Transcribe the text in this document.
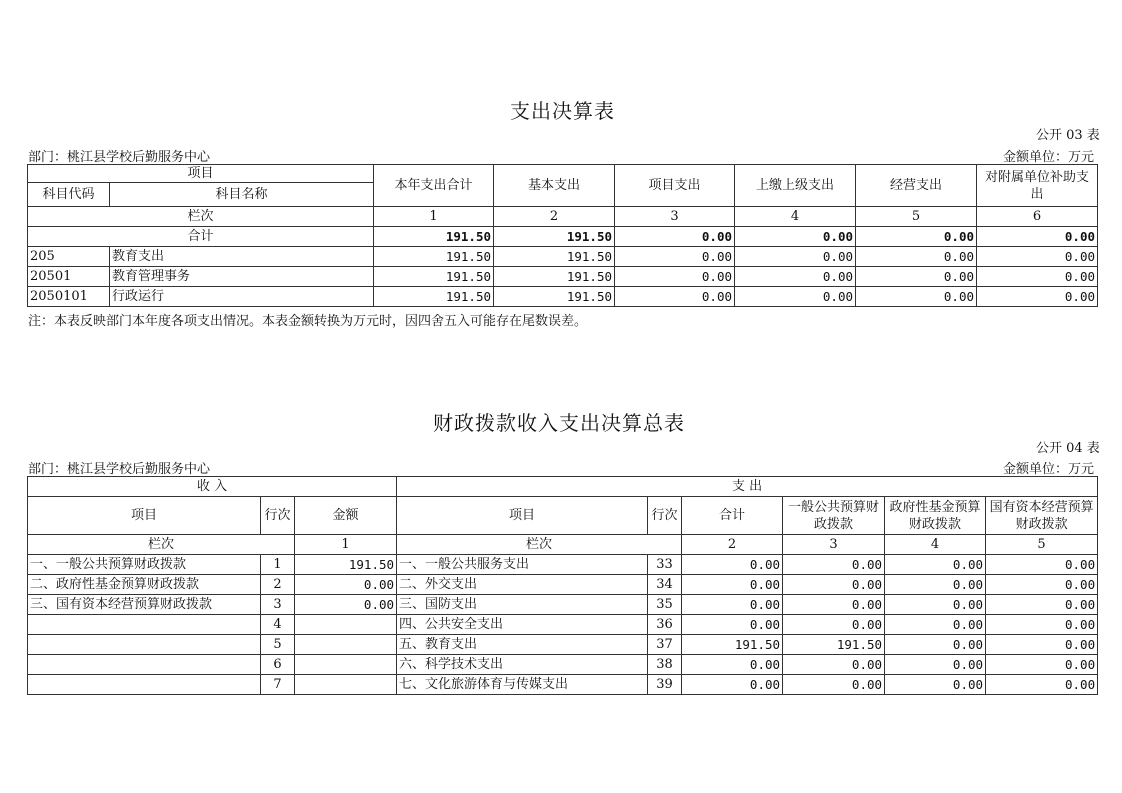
支出决算表
公开 03 表
部门：桃江县学校后勤服务中心	金额单位：万元
项目		本年支出合计	基本支出	项目支出	上缴上级支出	经营支出	对附属单位补助支出
科目代码	科目名称						
栏次		1	2	3	4	5	6
合计		191.50	191.50	0.00	0.00	0.00	0.00
205	教育支出	191.50	191.50	0.00	0.00	0.00	0.00
20501	教育管理事务	191.50	191.50	0.00	0.00	0.00	0.00
2050101	行政运行	191.50	191.50	0.00	0.00	0.00	0.00
注：本表反映部门本年度各项支出情况。本表金额转换为万元时，因四舍五入可能存在尾数误差。
财政拨款收入支出决算总表
公开 04 表
部门：桃江县学校后勤服务中心	金额单位：万元
收 入			支 出					
项目	行次	金额	项目	行次	合计	一般公共预算财政拨款	政府性基金预算财政拨款	国有资本经营预算财政拨款
栏次		1	栏次		2	3	4	5
一、一般公共预算财政拨款	1	191.50	一、一般公共服务支出	33	0.00	0.00	0.00	0.00
二、政府性基金预算财政拨款	2	0.00	二、外交支出	34	0.00	0.00	0.00	0.00
三、国有资本经营预算财政拨款	3	0.00	三、国防支出	35	0.00	0.00	0.00	0.00
	4		四、公共安全支出	36	0.00	0.00	0.00	0.00
	5		五、教育支出	37	191.50	191.50	0.00	0.00
	6		六、科学技术支出	38	0.00	0.00	0.00	0.00
	7		七、文化旅游体育与传媒支出	39	0.00	0.00	0.00	0.00
